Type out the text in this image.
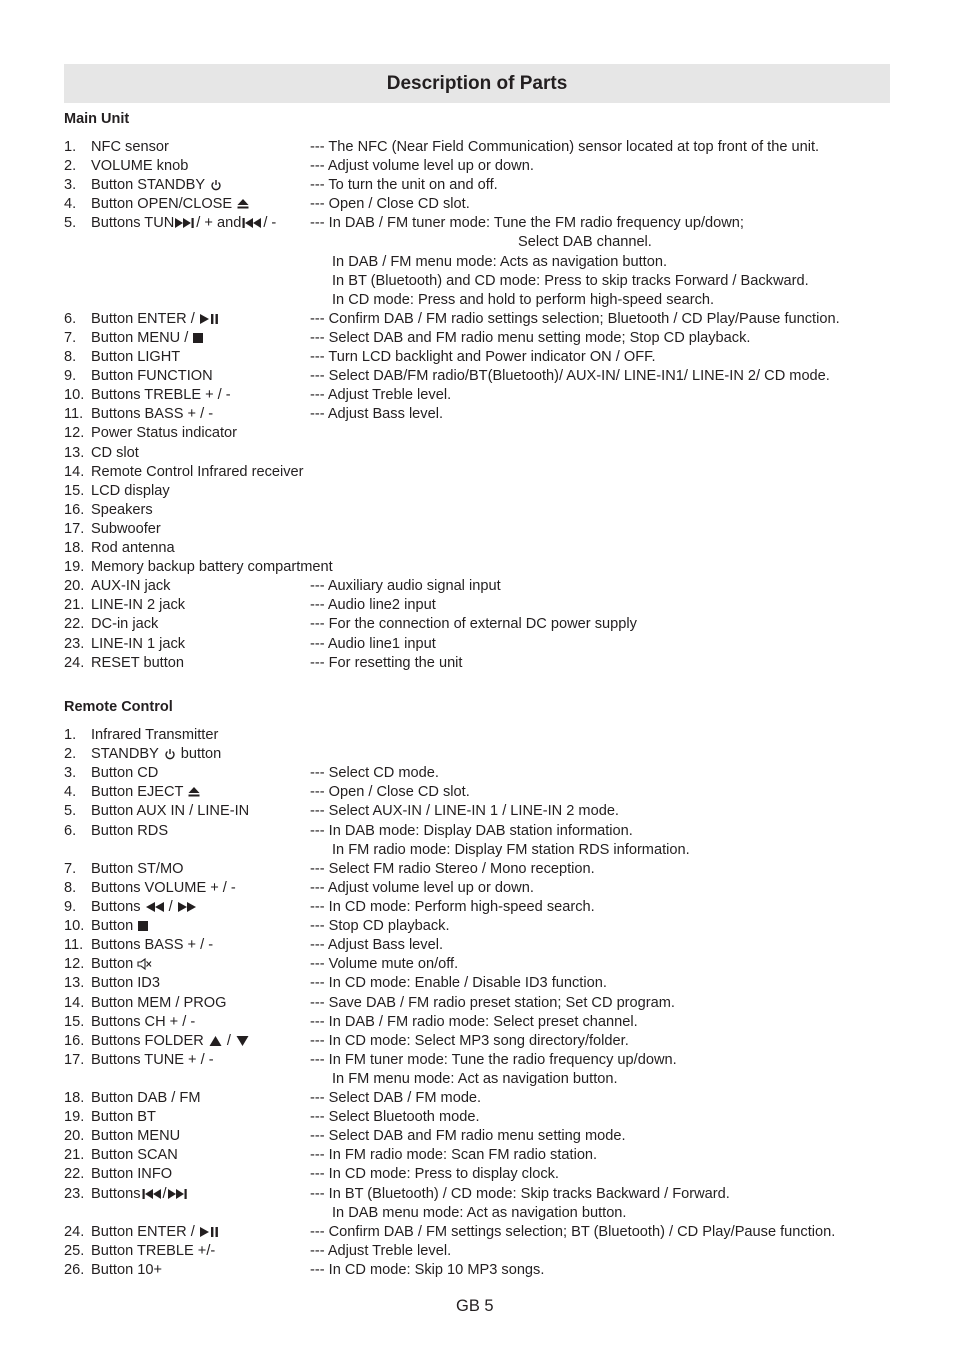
Description of Parts
Main Unit
1. NFC sensor	--- The NFC (Near Field Communication) sensor located at top front of the unit.
2. VOLUME knob	--- Adjust volume level up or down.
3. Button STANDBY	--- To turn the unit on and off.
4. Button OPEN/CLOSE	--- Open / Close CD slot.
5. Buttons TUN / + and / - --- In DAB / FM tuner mode: Tune the FM radio frequency up/down;
Select DAB channel.
In DAB / FM menu mode: Acts as navigation button.
In BT (Bluetooth) and CD mode: Press to skip tracks Forward / Backward.
In CD mode: Press and hold to perform high-speed search.
6. Button ENTER /	--- Confirm DAB / FM radio settings selection; Bluetooth / CD Play/Pause function.
7. Button MENU /	--- Select DAB and FM radio menu setting mode; Stop CD playback.
8. Button LIGHT	--- Turn LCD backlight and Power indicator ON / OFF.
9. Button FUNCTION	--- Select DAB/FM radio/BT(Bluetooth)/ AUX-IN/ LINE-IN1/ LINE-IN 2/ CD mode.
10. Buttons TREBLE + / -	--- Adjust Treble level.
11. Buttons BASS + / -	--- Adjust Bass level.
12. Power Status indicator
13. CD slot
14. Remote Control Infrared receiver
15. LCD display
16. Speakers
17. Subwoofer
18. Rod antenna
19. Memory backup battery compartment
20. AUX-IN jack	--- Auxiliary audio signal input
21. LINE-IN 2 jack	--- Audio line2 input
22. DC-in jack	--- For the connection of external DC power supply
23. LINE-IN 1 jack	--- Audio line1 input
24. RESET button	--- For resetting the unit
Remote Control
1. Infrared Transmitter
2. STANDBY button
3. Button CD	--- Select CD mode.
4. Button EJECT	--- Open / Close CD slot.
5. Button AUX IN / LINE-IN	--- Select AUX-IN / LINE-IN 1 / LINE-IN 2 mode.
6. Button RDS	--- In DAB mode: Display DAB station information.
In FM radio mode: Display FM station RDS information.
7. Button ST/MO	--- Select FM radio Stereo / Mono reception.
8. Buttons VOLUME + / -	--- Adjust volume level up or down.
9. Buttons /	--- In CD mode: Perform high-speed search.
10. Button	--- Stop CD playback.
11. Buttons BASS + / -	--- Adjust Bass level.
12. Button	--- Volume mute on/off.
13. Button ID3	--- In CD mode: Enable / Disable ID3 function.
14. Button MEM / PROG	--- Save DAB / FM radio preset station; Set CD program.
15. Buttons CH + / -	--- In DAB / FM radio mode: Select preset channel.
16. Buttons FOLDER /	--- In CD mode: Select MP3 song directory/folder.
17. Buttons TUNE + / -	--- In FM tuner mode: Tune the radio frequency up/down.
In FM menu mode: Act as navigation button.
18. Button DAB / FM	--- Select DAB / FM mode.
19. Button BT	--- Select Bluetooth mode.
20. Button MENU	--- Select DAB and FM radio menu setting mode.
21. Button SCAN	--- In FM radio mode: Scan FM radio station.
22. Button INFO	--- In CD mode: Press to display clock.
23. Buttons /	--- In BT (Bluetooth) / CD mode: Skip tracks Backward / Forward.
In DAB menu mode: Act as navigation button.
24. Button ENTER /	--- Confirm DAB / FM settings selection; BT (Bluetooth) / CD Play/Pause function.
25. Button TREBLE +/-	--- Adjust Treble level.
26. Button 10+	--- In CD mode: Skip 10 MP3 songs.
GB 5
